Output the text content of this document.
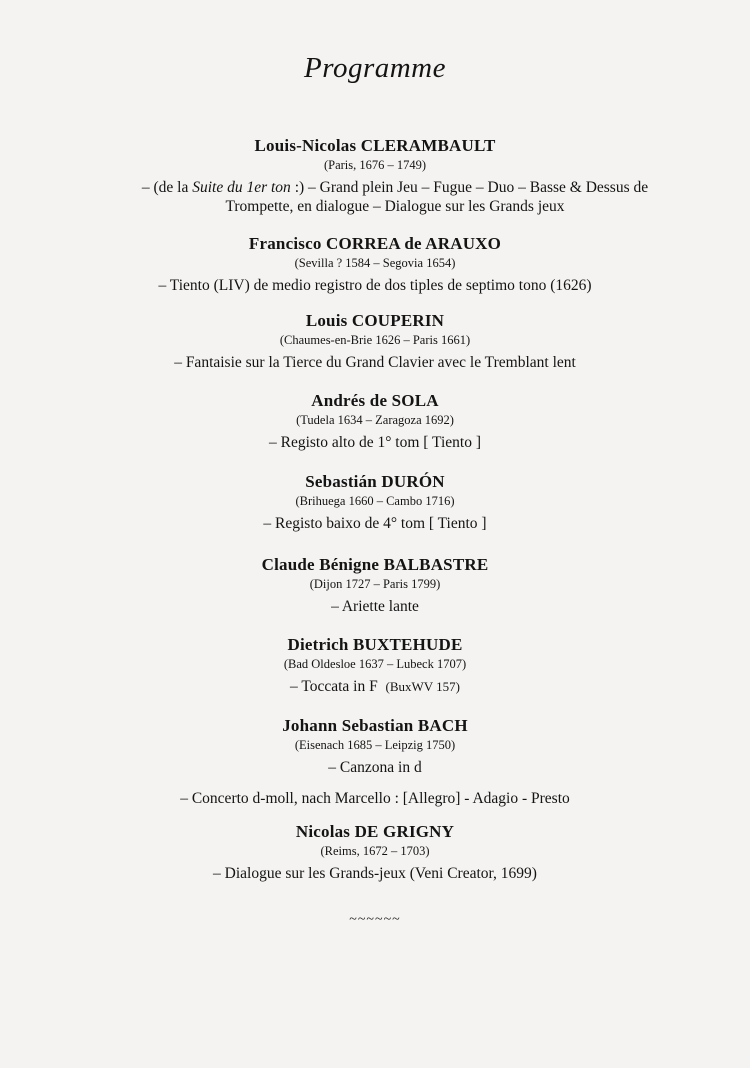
Programme
Louis-Nicolas CLERAMBAULT
(Paris, 1676 – 1749)
– (de la Suite du 1er ton :) – Grand plein Jeu – Fugue – Duo – Basse & Dessus de Trompette, en dialogue – Dialogue sur les Grands jeux
Francisco CORREA de ARAUXO
(Sevilla ? 1584 – Segovia 1654)
– Tiento (LIV) de medio registro de dos tiples de septimo tono (1626)
Louis COUPERIN
(Chaumes-en-Brie 1626 – Paris 1661)
– Fantaisie sur la Tierce du Grand Clavier avec le Tremblant lent
Andrés de SOLA
(Tudela 1634 – Zaragoza 1692)
– Registo alto de 1° tom [ Tiento ]
Sebastián DURÓN
(Brihuega 1660 – Cambo 1716)
– Registo baixo de 4° tom [ Tiento ]
Claude Bénigne BALBASTRE
(Dijon 1727 – Paris 1799)
– Ariette lante
Dietrich BUXTEHUDE
(Bad Oldesloe 1637 – Lubeck 1707)
– Toccata in F (BuxWV 157)
Johann Sebastian BACH
(Eisenach 1685 – Leipzig 1750)
– Canzona in d
– Concerto d-moll, nach Marcello : [Allegro] - Adagio - Presto
Nicolas DE GRIGNY
(Reims, 1672 – 1703)
– Dialogue sur les Grands-jeux (Veni Creator, 1699)
~~~~~~
